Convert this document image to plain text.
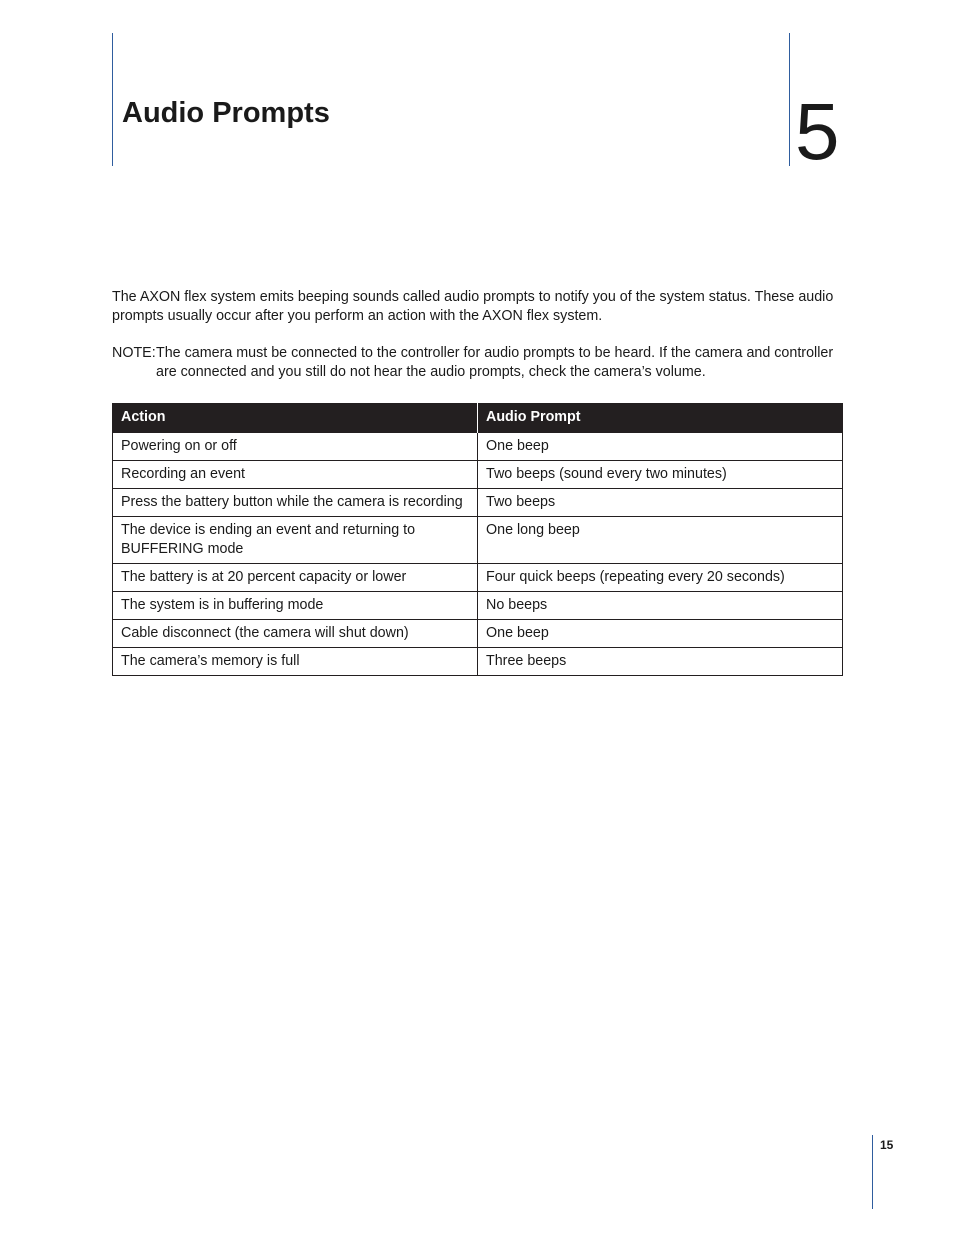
Audio Prompts	5

The AXON flex system emits beeping sounds called audio prompts to notify you of the system status. These audio prompts usually occur after you perform an action with the AXON flex system.

NOTE: The camera must be connected to the controller for audio prompts to be heard. If the camera and controller are connected and you still do not hear the audio prompts, check the camera’s volume.
Action	Audio Prompt
Powering on or off	One beep
Recording an event	Two beeps (sound every two minutes)
Press the battery button while the camera is recording	Two beeps
The device is ending an event and returning to BUFFERING mode	One long beep
The battery is at 20 percent capacity or lower	Four quick beeps (repeating every 20 seconds)
The system is in buffering mode	No beeps
Cable disconnect (the camera will shut down)	One beep
The camera’s memory is full	Three beeps
15
